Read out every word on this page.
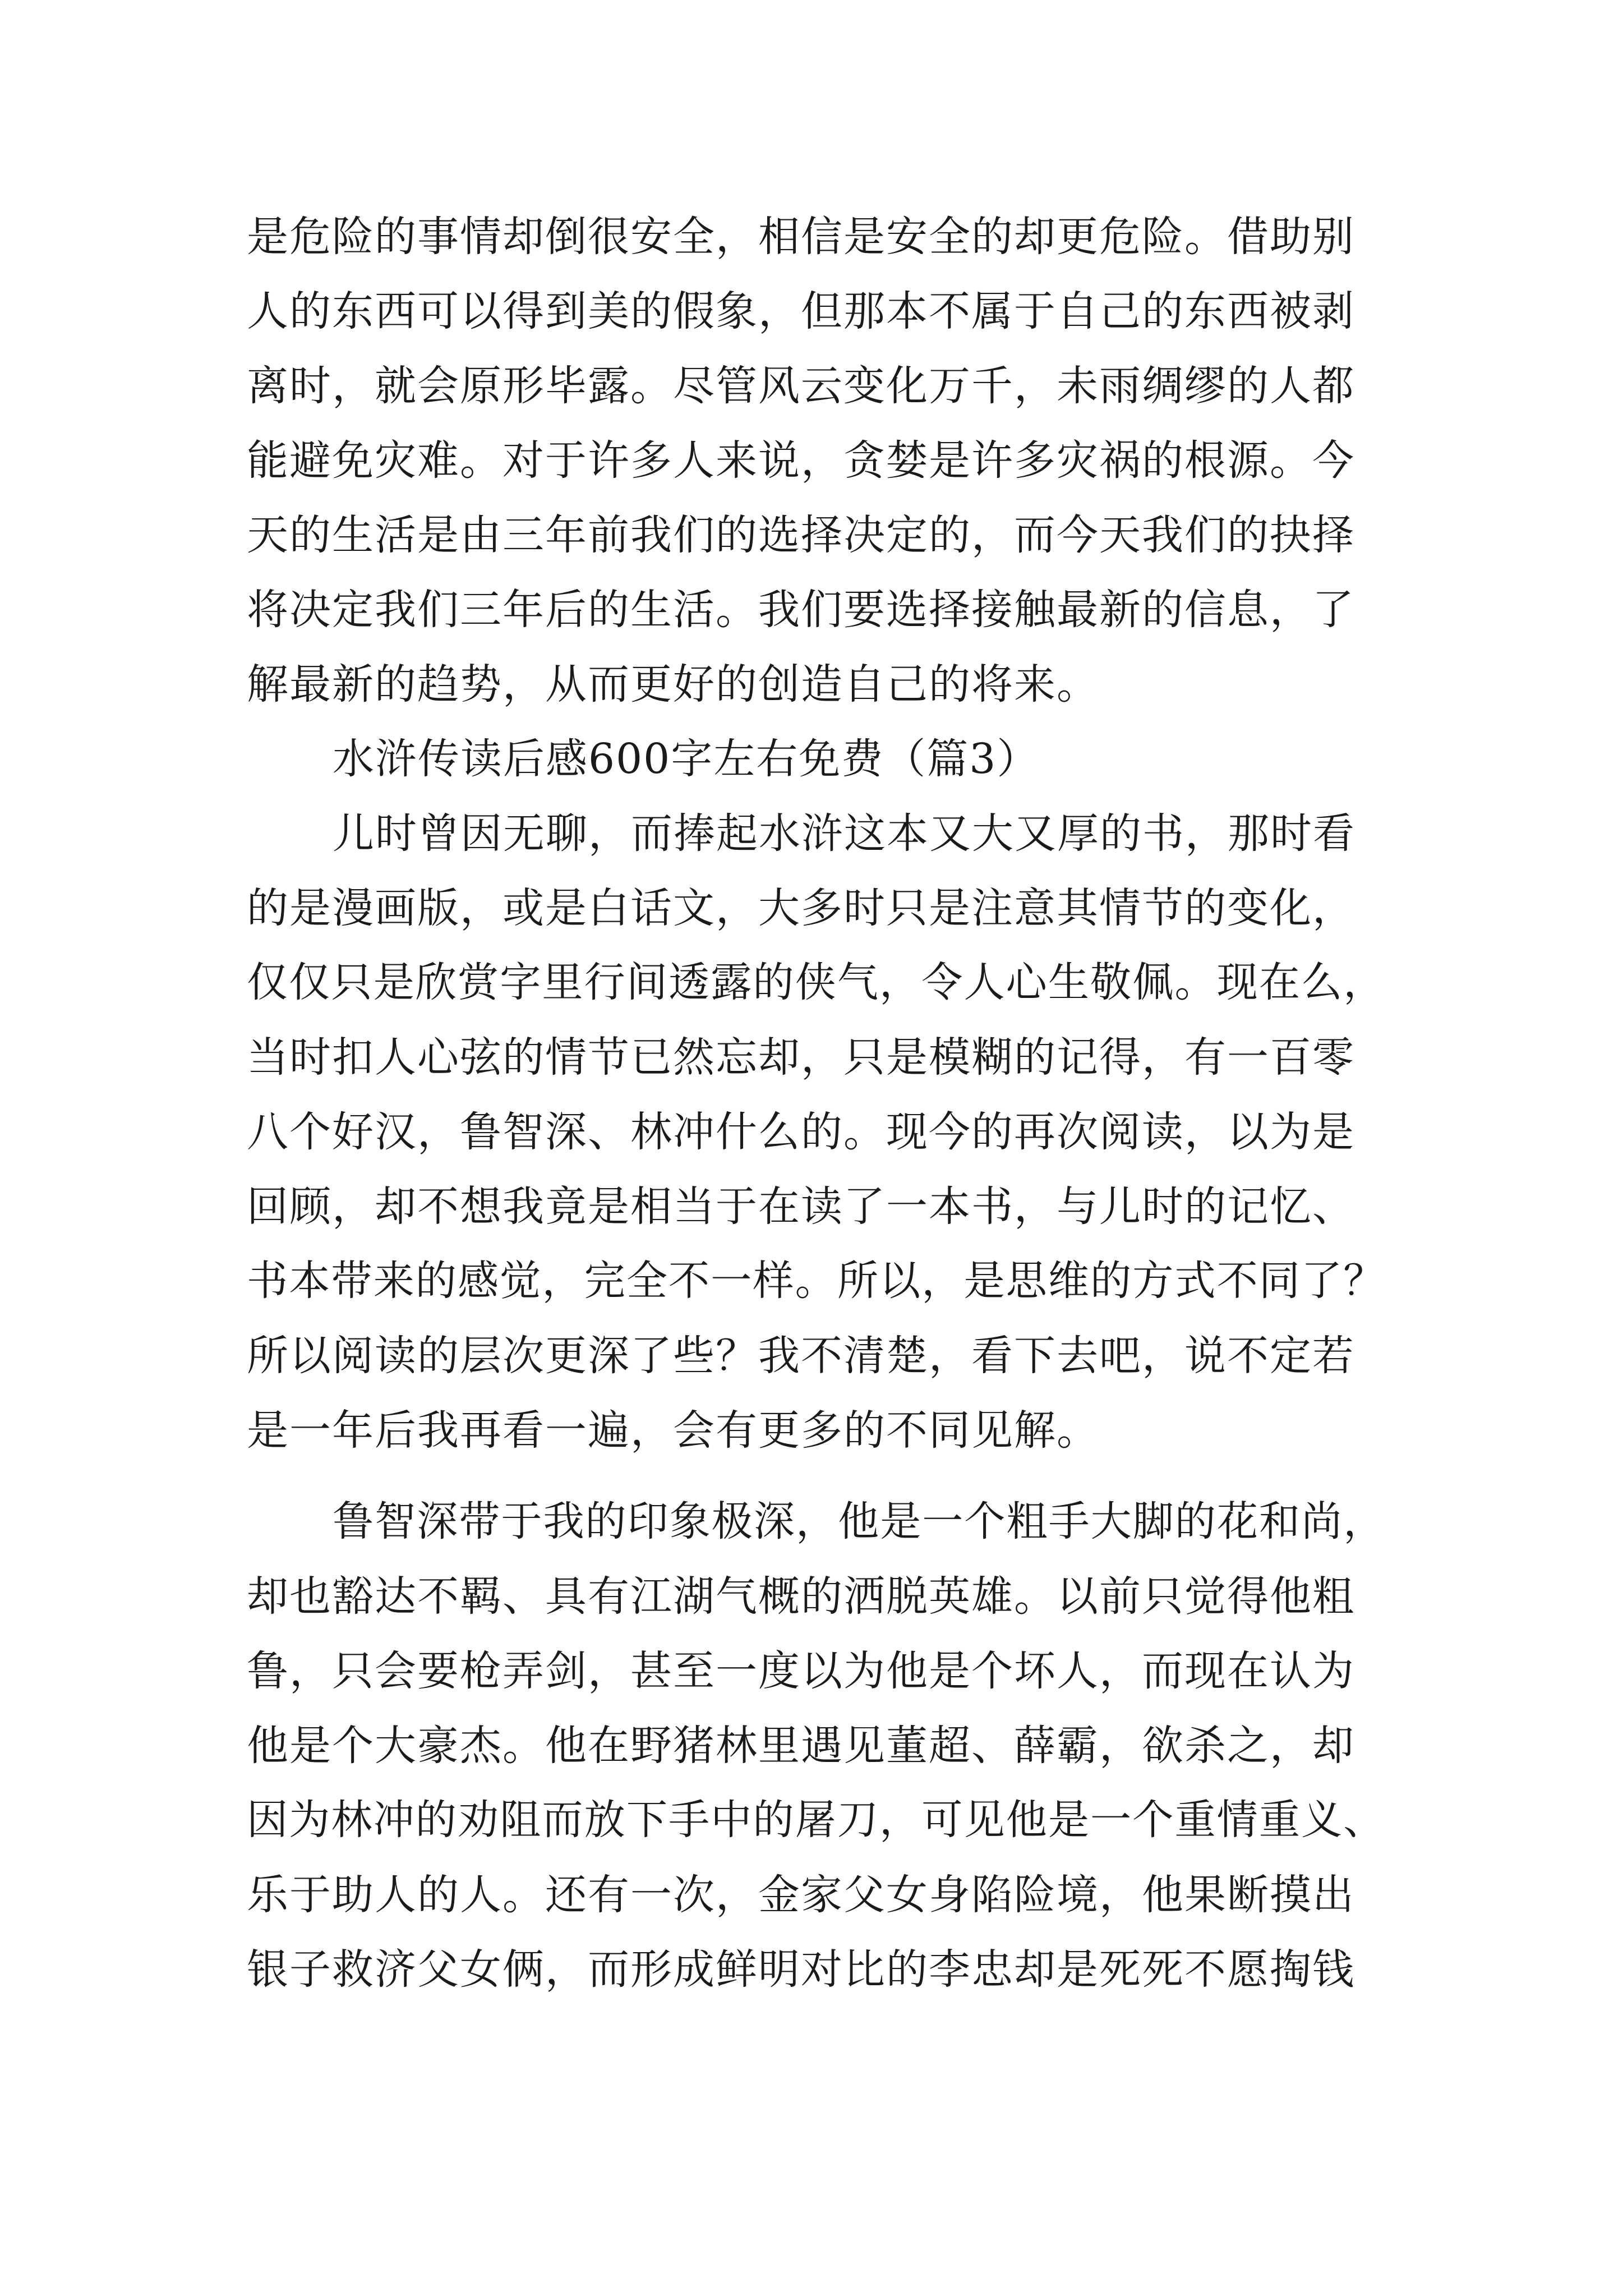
是危险的事情却倒很安全，相信是安全的却更危险。借助别
人的东西可以得到美的假象，但那本不属于自己的东西被剥
离时，就会原形毕露。尽管风云变化万千，未雨绸缪的人都
能避免灾难。对于许多人来说，贪婪是许多灾祸的根源。今
天的生活是由三年前我们的选择决定的，而今天我们的抉择
将决定我们三年后的生活。我们要选择接触最新的信息，了
解最新的趋势，从而更好的创造自己的将来。
水浒传读后感600字左右免费（篇3）
儿时曾因无聊，而捧起水浒这本又大又厚的书，那时看
的是漫画版，或是白话文，大多时只是注意其情节的变化，
仅仅只是欣赏字里行间透露的侠气，令人心生敬佩。现在么，
当时扣人心弦的情节已然忘却，只是模糊的记得，有一百零
八个好汉，鲁智深、林冲什么的。现今的再次阅读，以为是
回顾，却不想我竟是相当于在读了一本书，与儿时的记忆、
书本带来的感觉，完全不一样。所以，是思维的方式不同了？
所以阅读的层次更深了些？我不清楚，看下去吧，说不定若
是一年后我再看一遍，会有更多的不同见解。
鲁智深带于我的印象极深，他是一个粗手大脚的花和尚，
却也豁达不羁、具有江湖气概的洒脱英雄。以前只觉得他粗
鲁，只会要枪弄剑，甚至一度以为他是个坏人，而现在认为
他是个大豪杰。他在野猪林里遇见董超、薛霸，欲杀之，却
因为林冲的劝阻而放下手中的屠刀，可见他是一个重情重义、
乐于助人的人。还有一次，金家父女身陷险境，他果断摸出
银子救济父女俩，而形成鲜明对比的李忠却是死死不愿掏钱
